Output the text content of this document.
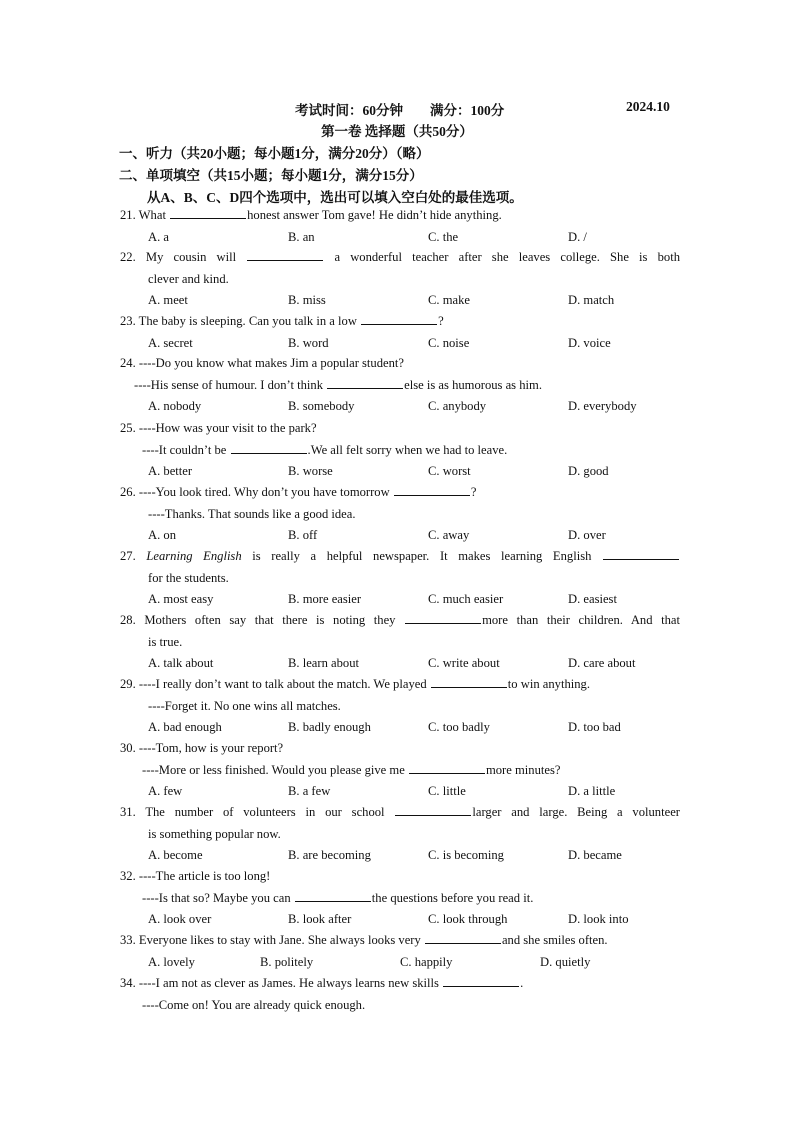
考试时间：60分钟        满分：100分	2024.10
第一卷 选择题（共50分）
一、听力（共20小题；每小题1分，满分20分）（略）
二、单项填空（共15小题；每小题1分，满分15分）
从A、B、C、D四个选项中，选出可以填入空白处的最佳选项。
21. What	honest answer Tom gave! He didn’t hide anything.
A. a	B. an	C. the	D. /
22. My cousin will	a wonderful teacher after she leaves college. She is both
clever and kind.
A. meet	B. miss	C. make	D. match
23. The baby is sleeping. Can you talk in a low	?
A. secret	B. word	C. noise	D. voice
24. ----Do you know what makes Jim a popular student?
----His sense of humour. I don’t think	else is as humorous as him.
A. nobody	B. somebody	C. anybody	D. everybody
25. ----How was your visit to the park?
----It couldn’t be	.We all felt sorry when we had to leave.
A. better	B. worse	C. worst	D. good
26. ----You look tired. Why don’t you have tomorrow	?
----Thanks. That sounds like a good idea.
A. on	B. off	C. away	D. over
27. Learning English is really a helpful newspaper. It makes learning English
for the students.
A. most easy	B. more easier	C. much easier	D. easiest
28. Mothers often say that there is noting they	more than their children. And that
is true.
A. talk about	B. learn about	C. write about	D. care about
29. ----I really don’t want to talk about the match. We played	to win anything.
----Forget it. No one wins all matches.
A. bad enough	B. badly enough	C. too badly	D. too bad
30. ----Tom, how is your report?
----More or less finished. Would you please give me	more minutes?
A. few	B. a few	C. little	D. a little
31. The number of volunteers in our school	larger and large. Being a volunteer
is something popular now.
A. become	B. are becoming	C. is becoming	D. became
32. ----The article is too long!
----Is that so? Maybe you can	the questions before you read it.
A. look over	B. look after	C. look through	D. look into
33. Everyone likes to stay with Jane. She always looks very	and she smiles often.
A. lovely	B. politely	C. happily	D. quietly
34. ----I am not as clever as James. He always learns new skills	.
----Come on! You are already quick enough.
